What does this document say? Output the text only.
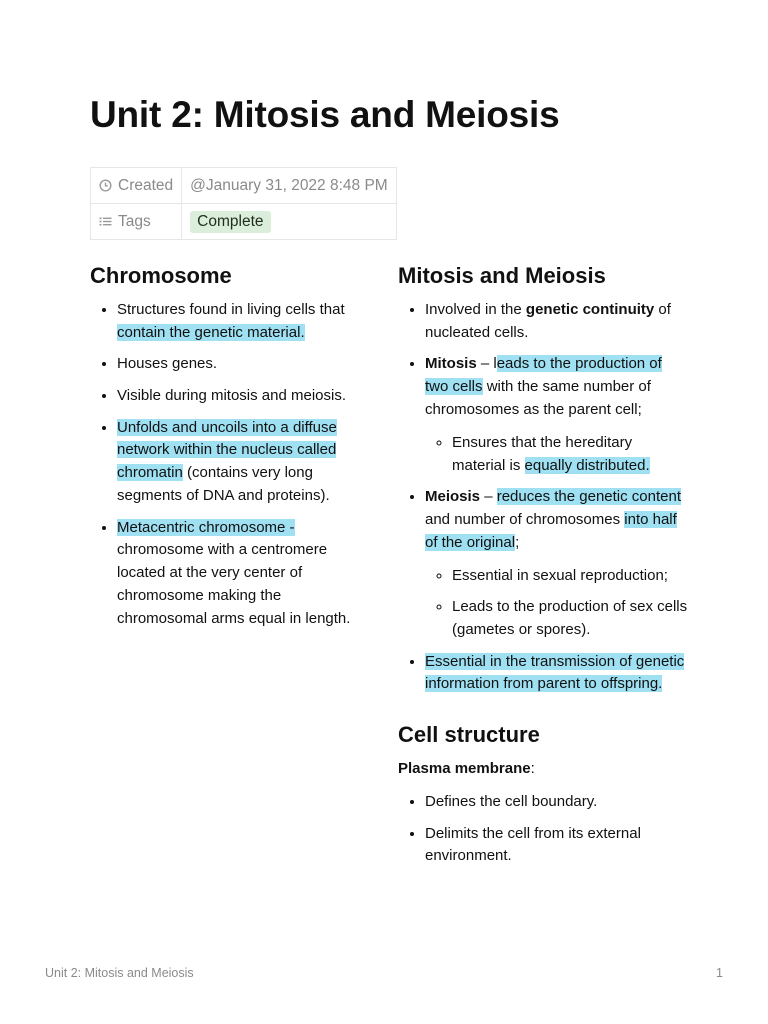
Unit 2: Mitosis and Meiosis
Created	@January 31, 2022 8:48 PM
Tags	Complete
Chromosome
• Structures found in living cells that contain the genetic material.
• Houses genes.
• Visible during mitosis and meiosis.
• Unfolds and uncoils into a diffuse network within the nucleus called chromatin (contains very long segments of DNA and proteins).
• Metacentric chromosome - chromosome with a centromere located at the very center of chromosome making the chromosomal arms equal in length.
Mitosis and Meiosis
• Involved in the genetic continuity of nucleated cells.
• Mitosis – leads to the production of two cells with the same number of chromosomes as the parent cell;
◦ Ensures that the hereditary material is equally distributed.
• Meiosis – reduces the genetic content and number of chromosomes into half of the original;
◦ Essential in sexual reproduction;
◦ Leads to the production of sex cells (gametes or spores).
• Essential in the transmission of genetic information from parent to offspring.
Cell structure

Plasma membrane:

• Defines the cell boundary.
• Delimits the cell from its external environment.
Unit 2: Mitosis and Meiosis	1
